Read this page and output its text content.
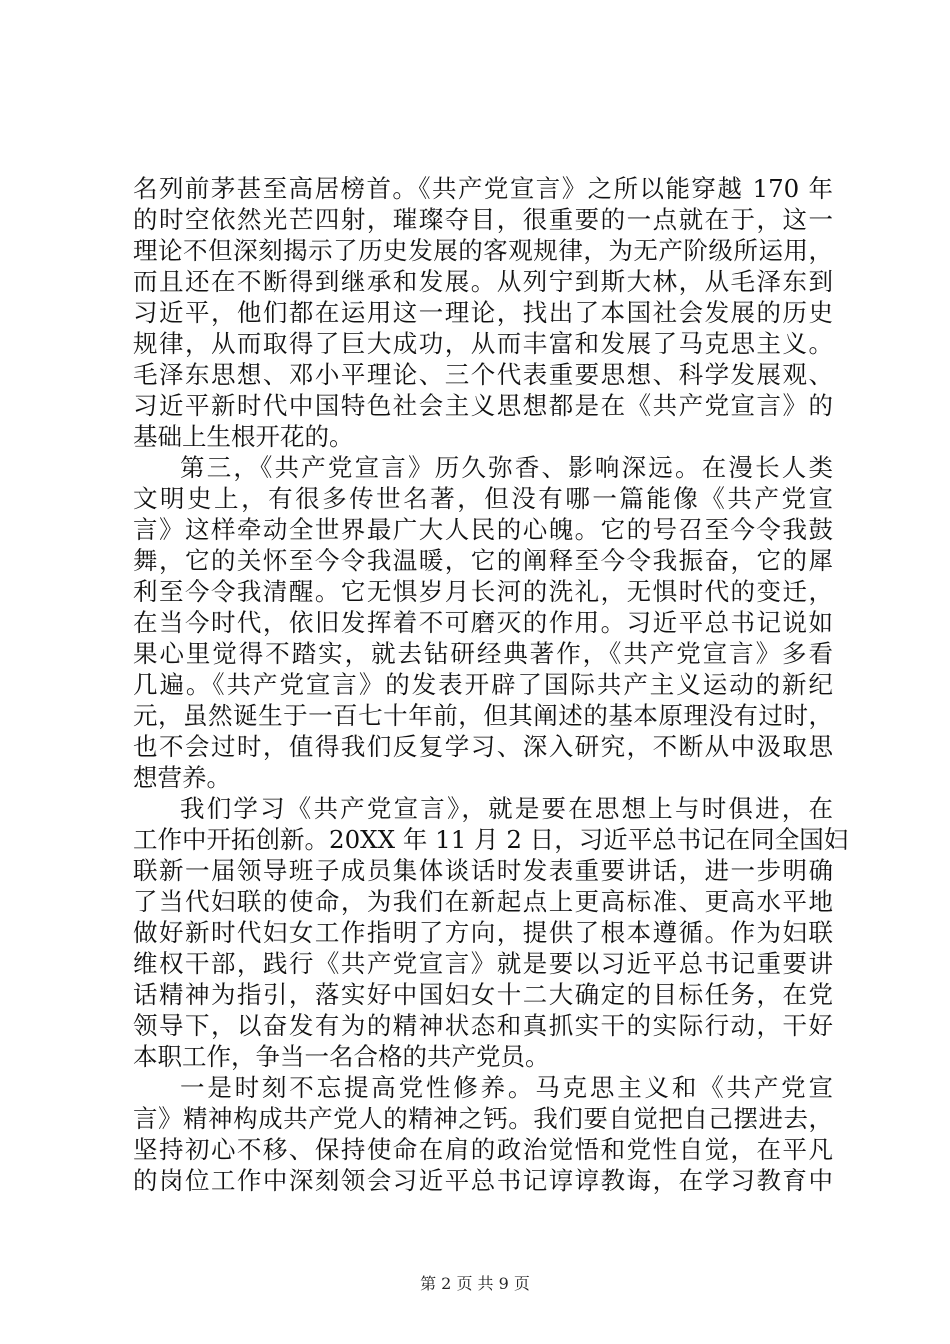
名列前茅甚至高居榜首。《共产党宣言》之所以能穿越 170 年
的时空依然光芒四射，璀璨夺目，很重要的一点就在于，这一
理论不但深刻揭示了历史发展的客观规律，为无产阶级所运用，
而且还在不断得到继承和发展。从列宁到斯大林，从毛泽东到
习近平，他们都在运用这一理论，找出了本国社会发展的历史
规律，从而取得了巨大成功，从而丰富和发展了马克思主义。
毛泽东思想、邓小平理论、三个代表重要思想、科学发展观、
习近平新时代中国特色社会主义思想都是在《共产党宣言》的
基础上生根开花的。
第三，《共产党宣言》历久弥香、影响深远。在漫长人类
文明史上，有很多传世名著，但没有哪一篇能像《共产党宣
言》这样牵动全世界最广大人民的心魄。它的号召至今令我鼓
舞，它的关怀至今令我温暖，它的阐释至今令我振奋，它的犀
利至今令我清醒。它无惧岁月长河的洗礼，无惧时代的变迁，
在当今时代，依旧发挥着不可磨灭的作用。习近平总书记说如
果心里觉得不踏实，就去钻研经典著作，《共产党宣言》多看
几遍。《共产党宣言》的发表开辟了国际共产主义运动的新纪
元，虽然诞生于一百七十年前，但其阐述的基本原理没有过时，
也不会过时，值得我们反复学习、深入研究，不断从中汲取思
想营养。
我们学习《共产党宣言》，就是要在思想上与时俱进，在
工作中开拓创新。20XX 年 11 月 2 日，习近平总书记在同全国妇
联新一届领导班子成员集体谈话时发表重要讲话，进一步明确
了当代妇联的使命，为我们在新起点上更高标准、更高水平地
做好新时代妇女工作指明了方向，提供了根本遵循。作为妇联
维权干部，践行《共产党宣言》就是要以习近平总书记重要讲
话精神为指引，落实好中国妇女十二大确定的目标任务，在党
领导下，以奋发有为的精神状态和真抓实干的实际行动，干好
本职工作，争当一名合格的共产党员。
一是时刻不忘提高党性修养。马克思主义和《共产党宣
言》精神构成共产党人的精神之钙。我们要自觉把自己摆进去，
坚持初心不移、保持使命在肩的政治觉悟和党性自觉，在平凡
的岗位工作中深刻领会习近平总书记谆谆教诲，在学习教育中
第 2 页 共 9 页
